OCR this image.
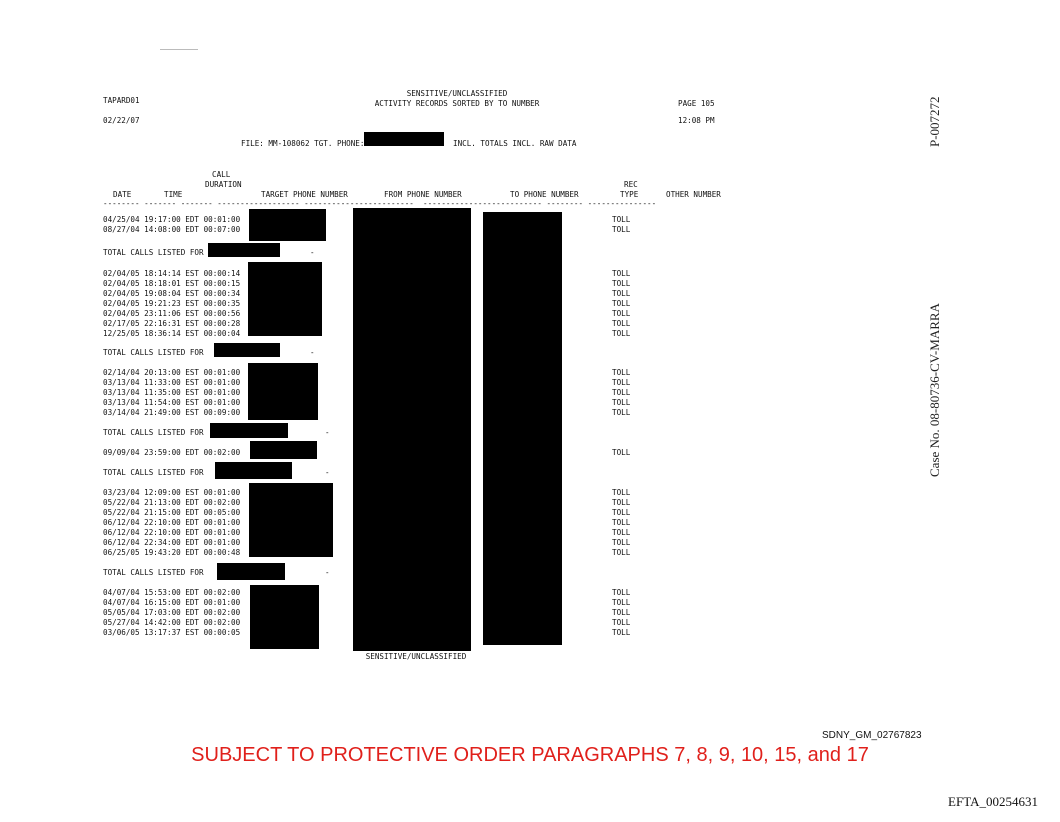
TAPARD01
02/22/07
SENSITIVE/UNCLASSIFIED
ACTIVITY RECORDS SORTED BY TO NUMBER	PAGE 105
12:08 PM
FILE: MM-108062 TGT. PHONE:	INCL. TOTALS INCL. RAW DATA
CALL
DURATION
DATE	TIME	TARGET PHONE NUMBER	FROM PHONE NUMBER	TO PHONE NUMBER
REC
TYPE	OTHER NUMBER
-------- ------- ------- ------------------ ------------------------  -------------------------- -------- ---------------
04/25/04 19:17:00 EDT 00:01:00	TOLL
08/27/04 14:08:00 EDT 00:07:00	TOLL
TOTAL CALLS LISTED FOR	-
02/04/05 18:14:14 EST 00:00:14	TOLL
02/04/05 18:18:01 EST 00:00:15	TOLL
02/04/05 19:08:04 EST 00:00:34	TOLL
02/04/05 19:21:23 EST 00:00:35	TOLL
02/04/05 23:11:06 EST 00:00:56	TOLL
02/17/05 22:16:31 EST 00:00:28	TOLL
12/25/05 18:36:14 EST 00:00:04	TOLL
TOTAL CALLS LISTED FOR	-
02/14/04 20:13:00 EST 00:01:00	TOLL
03/13/04 11:33:00 EST 00:01:00	TOLL
03/13/04 11:35:00 EST 00:01:00	TOLL
03/13/04 11:54:00 EST 00:01:00	TOLL
03/14/04 21:49:00 EST 00:09:00	TOLL
TOTAL CALLS LISTED FOR	-
09/09/04 23:59:00 EDT 00:02:00	TOLL
TOTAL CALLS LISTED FOR	-
03/23/04 12:09:00 EST 00:01:00	TOLL
05/22/04 21:13:00 EDT 00:02:00	TOLL
05/22/04 21:15:00 EDT 00:05:00	TOLL
06/12/04 22:10:00 EDT 00:01:00	TOLL
06/12/04 22:10:00 EDT 00:01:00	TOLL
06/12/04 22:34:00 EDT 00:01:00	TOLL
06/25/05 19:43:20 EDT 00:00:48	TOLL
TOTAL CALLS LISTED FOR	-
04/07/04 15:53:00 EDT 00:02:00	TOLL
04/07/04 16:15:00 EDT 00:01:00	TOLL
05/05/04 17:03:00 EDT 00:02:00	TOLL
05/27/04 14:42:00 EDT 00:02:00	TOLL
03/06/05 13:17:37 EST 00:00:05	TOLL
SENSITIVE/UNCLASSIFIED
P-007272
Case No. 08-80736-CV-MARRA
SDNY_GM_02767823
SUBJECT TO PROTECTIVE ORDER PARAGRAPHS 7, 8, 9, 10, 15, and 17
EFTA_00254631
